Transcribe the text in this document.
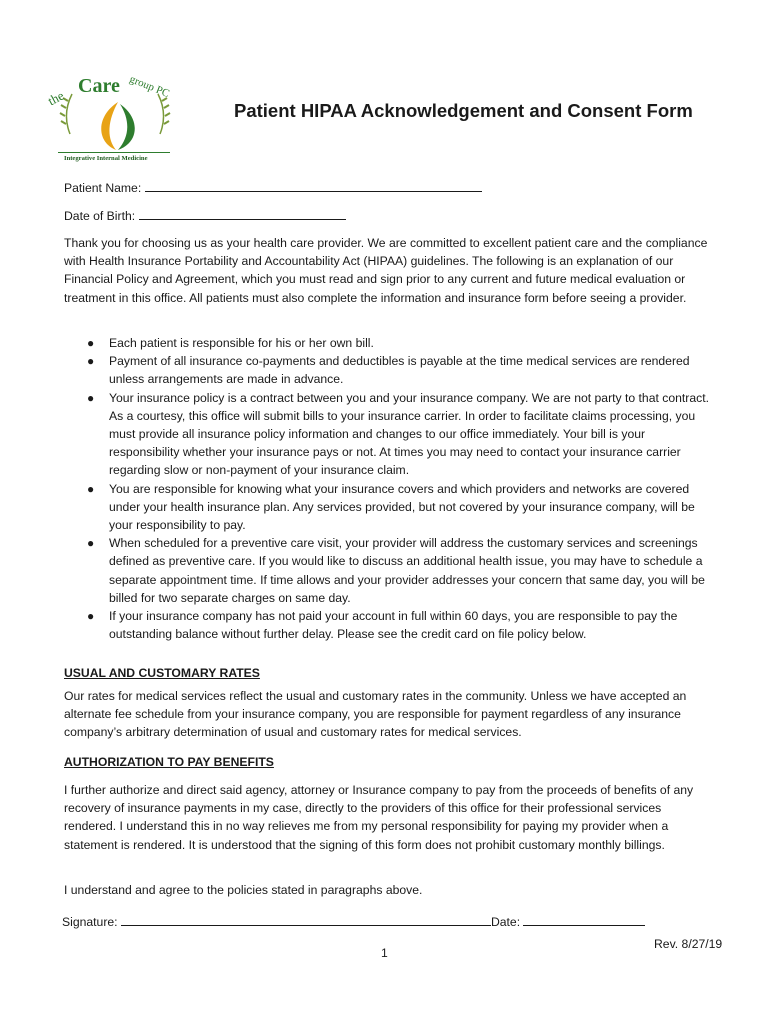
the
Care group PC
Integrative Internal Medicine
Patient HIPAA Acknowledgement and Consent Form
Patient Name:
Date of Birth:
Thank you for choosing us as your health care provider. We are committed to excellent patient care and the compliance with Health Insurance Portability and Accountability Act (HIPAA) guidelines. The following is an explanation of our Financial Policy and Agreement, which you must read and sign prior to any current and future medical evaluation or treatment in this office. All patients must also complete the information and insurance form before seeing a provider.
● Each patient is responsible for his or her own bill.
● Payment of all insurance co-payments and deductibles is payable at the time medical services are rendered unless arrangements are made in advance.
● Your insurance policy is a contract between you and your insurance company. We are not party to that contract. As a courtesy, this office will submit bills to your insurance carrier. In order to facilitate claims processing, you must provide all insurance policy information and changes to our office immediately. Your bill is your responsibility whether your insurance pays or not. At times you may need to contact your insurance carrier regarding slow or non-payment of your insurance claim.
● You are responsible for knowing what your insurance covers and which providers and networks are covered under your health insurance plan. Any services provided, but not covered by your insurance company, will be your responsibility to pay.
● When scheduled for a preventive care visit, your provider will address the customary services and screenings defined as preventive care. If you would like to discuss an additional health issue, you may have to schedule a separate appointment time. If time allows and your provider addresses your concern that same day, you will be billed for two separate charges on same day.
● If your insurance company has not paid your account in full within 60 days, you are responsible to pay the outstanding balance without further delay. Please see the credit card on file policy below.
USUAL AND CUSTOMARY RATES
Our rates for medical services reflect the usual and customary rates in the community. Unless we have accepted an alternate fee schedule from your insurance company, you are responsible for payment regardless of any insurance company’s arbitrary determination of usual and customary rates for medical services.
AUTHORIZATION TO PAY BENEFITS
I further authorize and direct said agency, attorney or Insurance company to pay from the proceeds of benefits of any recovery of insurance payments in my case, directly to the providers of this office for their professional services rendered. I understand this in no way relieves me from my personal responsibility for paying my provider when a statement is rendered. It is understood that the signing of this form does not prohibit customary monthly billings.
I understand and agree to the policies stated in paragraphs above.
Signature:	Date:
Rev. 8/27/19
1
